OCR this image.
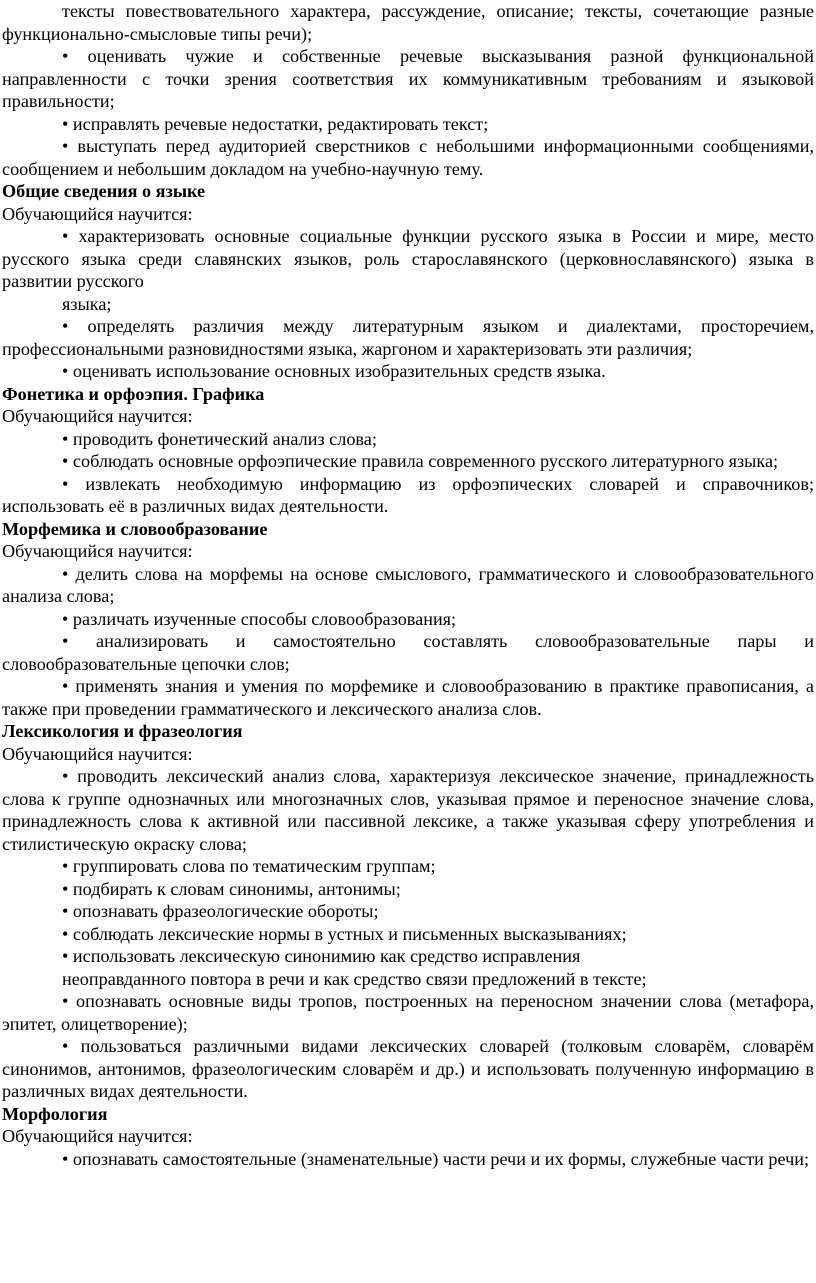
тексты повествовательного характера, рассуждение, описание; тексты, сочетающие разные функционально-смысловые типы речи);

• оценивать чужие и собственные речевые высказывания разной функциональной направленности с точки зрения соответствия их коммуникативным требованиям и языковой правильности;

• исправлять речевые недостатки, редактировать текст;

• выступать перед аудиторией сверстников с небольшими информационными сообщениями, сообщением и небольшим докладом на учебно-научную тему.

Общие сведения о языке

Обучающийся научится:

• характеризовать основные социальные функции русского языка в России и мире, место русского языка среди славянских языков, роль старославянского (церковнославянского) языка в развитии русского

языка;

• определять различия между литературным языком и диалектами, просторечием, профессиональными разновидностями языка, жаргоном и характеризовать эти различия;

• оценивать использование основных изобразительных средств языка.

Фонетика и орфоэпия. Графика

Обучающийся научится:

• проводить фонетический анализ слова;

• соблюдать основные орфоэпические правила современного русского литературного языка;

• извлекать необходимую информацию из орфоэпических словарей и справочников; использовать её в различных видах деятельности.

Морфемика и словообразование

Обучающийся научится:

• делить слова на морфемы на основе смыслового, грамматического и словообразовательного анализа слова;

• различать изученные способы словообразования;

• анализировать и самостоятельно составлять словообразовательные пары и словообразовательные цепочки слов;

• применять знания и умения по морфемике и словообразованию в практике правописания, а также при проведении грамматического и лексического анализа слов.

Лексикология и фразеология

Обучающийся научится:

• проводить лексический анализ слова, характеризуя лексическое значение, принадлежность слова к группе однозначных или многозначных слов, указывая прямое и переносное значение слова, принадлежность слова к активной или пассивной лексике, а также указывая сферу употребления и стилистическую окраску слова;

• группировать слова по тематическим группам;

• подбирать к словам синонимы, антонимы;

• опознавать фразеологические обороты;

• соблюдать лексические нормы в устных и письменных высказываниях;

• использовать лексическую синонимию как средство исправления

неоправданного повтора в речи и как средство связи предложений в тексте;

• опознавать основные виды тропов, построенных на переносном значении слова (метафора, эпитет, олицетворение);

• пользоваться различными видами лексических словарей (толковым словарём, словарём синонимов, антонимов, фразеологическим словарём и др.) и использовать полученную информацию в различных видах деятельности.

Морфология

Обучающийся научится:

• опознавать самостоятельные (знаменательные) части речи и их формы, служебные части речи;
